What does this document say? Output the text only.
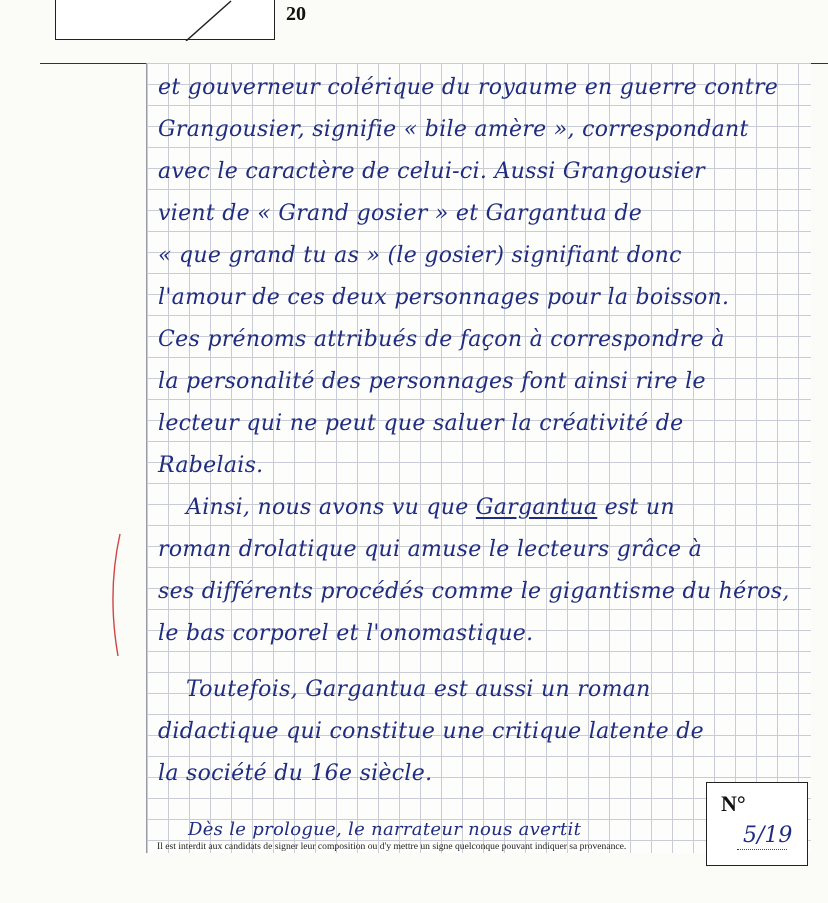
20
et gouverneur colérique du royaume en guerre contre
Grangousier, signifie « bile amère », correspondant
avec le caractère de celui-ci. Aussi Grangousier
vient de « Grand gosier » et Gargantua de
« que grand tu as » (le gosier) signifiant donc
l'amour de ces deux personnages pour la boisson.
Ces prénoms attribués de façon à correspondre à
la personalité des personnages font ainsi rire le
lecteur qui ne peut que saluer la créativité de
Rabelais.
Ainsi, nous avons vu que Gargantua est un
roman drolatique qui amuse le lecteurs grâce à
ses différents procédés comme le gigantisme du héros,
le bas corporel et l'onomastique.
Toutefois, Gargantua est aussi un roman
didactique qui constitue une critique latente de
la société du 16e siècle.
Dès le prologue, le narrateur nous avertit
N°
5/19
Il est interdit aux candidats de signer leur composition ou d'y mettre un signe quelconque pouvant indiquer sa provenance.
